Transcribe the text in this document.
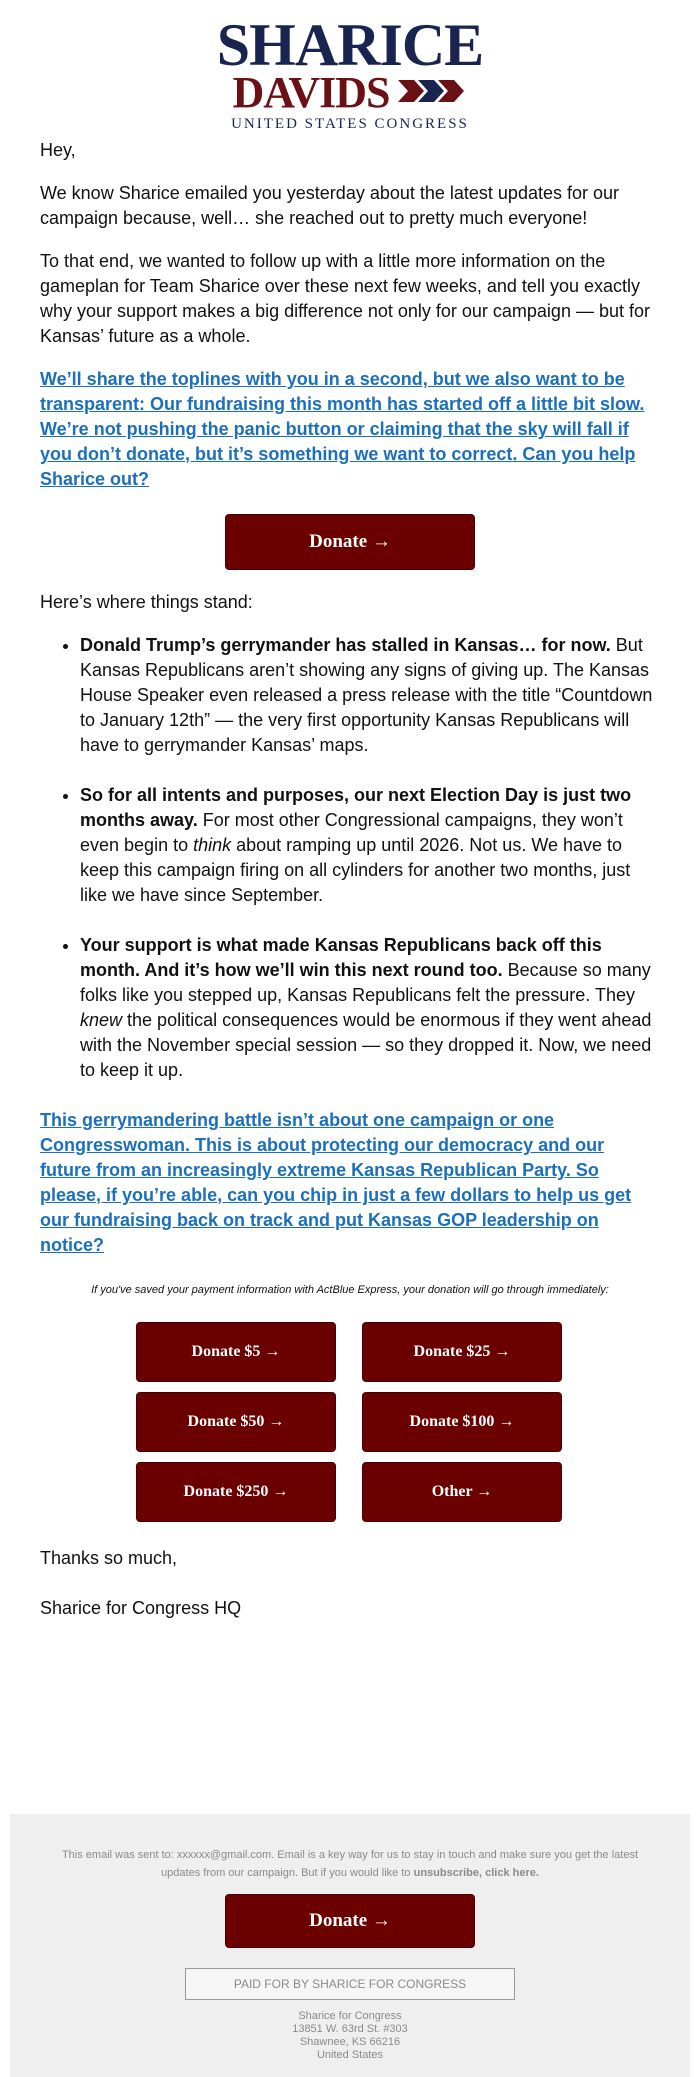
SHARICE
DAVIDS
UNITED STATES CONGRESS

Hey,

We know Sharice emailed you yesterday about the latest updates for our campaign because, well… she reached out to pretty much everyone!

To that end, we wanted to follow up with a little more information on the gameplan for Team Sharice over these next few weeks, and tell you exactly why your support makes a big difference not only for our campaign — but for Kansas’ future as a whole.

We’ll share the toplines with you in a second, but we also want to be transparent: Our fundraising this month has started off a little bit slow. We’re not pushing the panic button or claiming that the sky will fall if you don’t donate, but it’s something we want to correct. Can you help Sharice out?

Donate →

Here’s where things stand:

• Donald Trump’s gerrymander has stalled in Kansas… for now. But Kansas Republicans aren’t showing any signs of giving up. The Kansas House Speaker even released a press release with the title “Countdown to January 12th” — the very first opportunity Kansas Republicans will have to gerrymander Kansas’ maps.
• So for all intents and purposes, our next Election Day is just two months away. For most other Congressional campaigns, they won’t even begin to think about ramping up until 2026. Not us. We have to keep this campaign firing on all cylinders for another two months, just like we have since September.
• Your support is what made Kansas Republicans back off this month. And it’s how we’ll win this next round too. Because so many folks like you stepped up, Kansas Republicans felt the pressure. They knew the political consequences would be enormous if they went ahead with the November special session — so they dropped it. Now, we need to keep it up.

This gerrymandering battle isn’t about one campaign or one Congresswoman. This is about protecting our democracy and our future from an increasingly extreme Kansas Republican Party. So please, if you’re able, can you chip in just a few dollars to help us get our fundraising back on track and put Kansas GOP leadership on notice?

If you've saved your payment information with ActBlue Express, your donation will go through immediately:
Donate $5 →	Donate $25 →
Donate $50 →	Donate $100 →
Donate $250 →	Other →

Thanks so much,

Sharice for Congress HQ

This email was sent to: xxxxxx@gmail.com. Email is a key way for us to stay in touch and make sure you get the latest updates from our campaign. But if you would like to unsubscribe, click here.
Donate →
PAID FOR BY SHARICE FOR CONGRESS
Sharice for Congress
13851 W. 63rd St. #303
Shawnee, KS 66216
United States
